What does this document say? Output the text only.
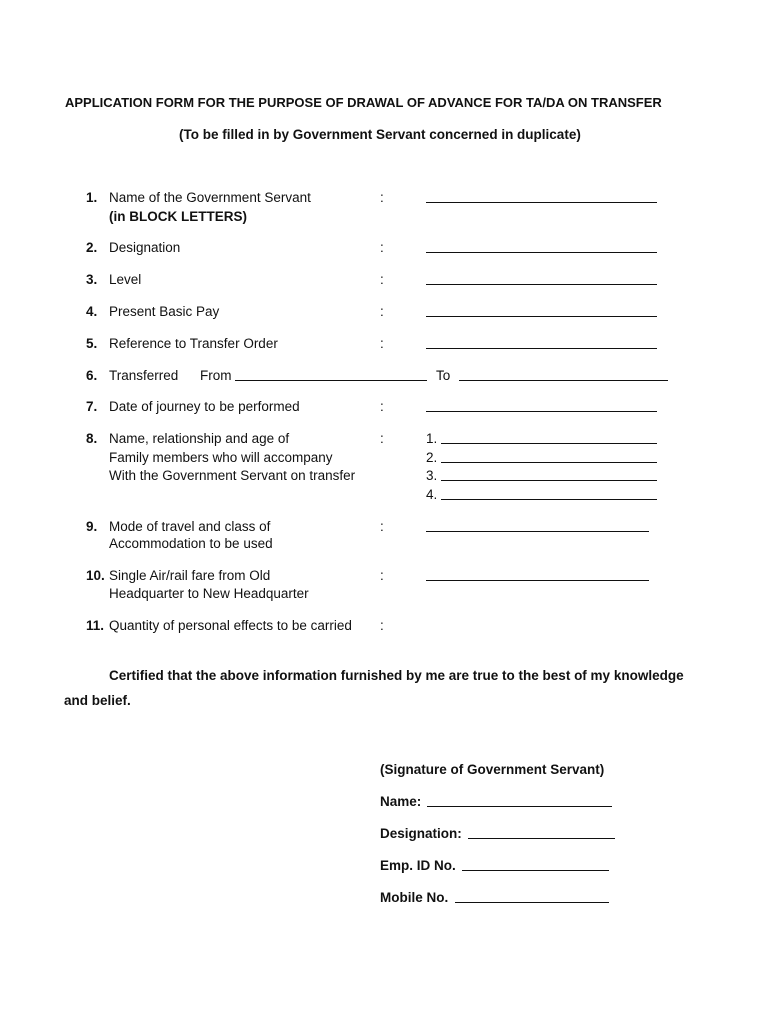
APPLICATION FORM FOR THE PURPOSE OF DRAWAL OF ADVANCE FOR TA/DA ON TRANSFER
(To be filled in by Government Servant concerned in duplicate)
1. Name of the Government Servant
(in BLOCK LETTERS)
:
2. Designation	:
3. Level	:
4. Present Basic Pay	:
5. Reference to Transfer Order	:
6. Transferred From	To
7. Date of journey to be performed	:
8. Name, relationship and age of
Family members who will accompany
With the Government Servant on transfer
:	1.
2.
3.
4.
9. Mode of travel and class of
Accommodation to be used
:
10. Single Air/rail fare from Old
Headquarter to New Headquarter
:
11. Quantity of personal effects to be carried :
Certified that the above information furnished by me are true to the best of my knowledge
and belief.
(Signature of Government Servant)
Name:
Designation:
Emp. ID No.
Mobile No.
